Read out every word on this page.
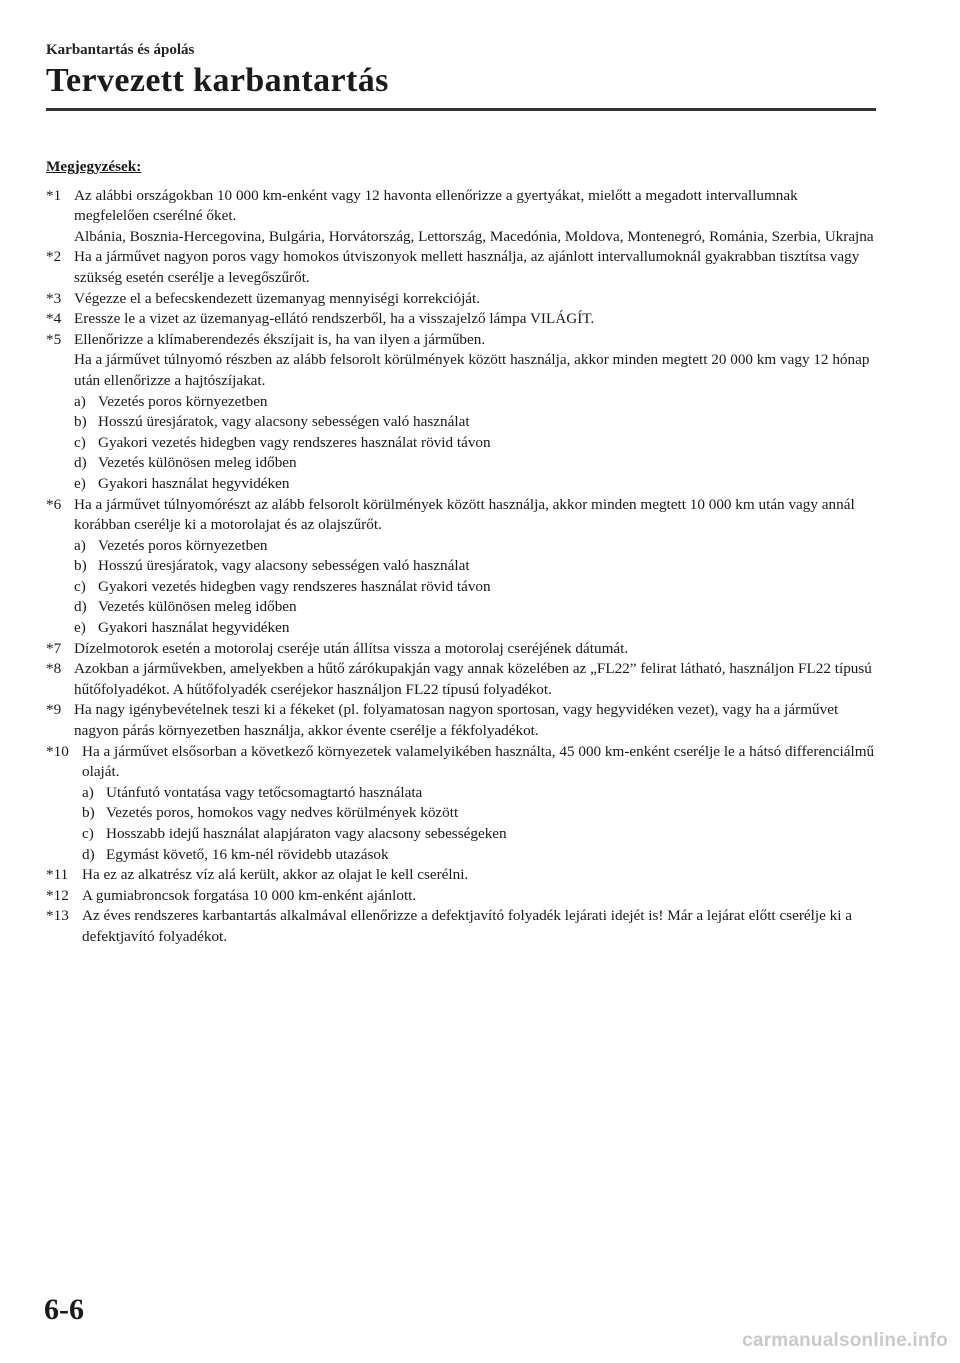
Karbantartás és ápolás
Tervezett karbantartás
Megjegyzések:
*1 Az alábbi országokban 10 000 km-enként vagy 12 havonta ellenőrizze a gyertyákat, mielőtt a megadott intervallumnak megfelelően cserélné őket.

Albánia, Bosznia-Hercegovina, Bulgária, Horvátország, Lettország, Macedónia, Moldova, Montenegró, Románia, Szerbia, Ukrajna

*2 Ha a járművet nagyon poros vagy homokos útviszonyok mellett használja, az ajánlott intervallumoknál gyakrabban tisztítsa vagy szükség esetén cserélje a levegőszűrőt.

*3 Végezze el a befecskendezett üzemanyag mennyiségi korrekcióját.

*4 Eressze le a vizet az üzemanyag-ellátó rendszerből, ha a visszajelző lámpa VILÁGÍT.

*5 Ellenőrizze a klímaberendezés ékszíjait is, ha van ilyen a járműben.

Ha a járművet túlnyomó részben az alább felsorolt körülmények között használja, akkor minden megtett 20 000 km vagy 12 hónap után ellenőrizze a hajtószíjakat.

a) Vezetés poros környezetben
b) Hosszú üresjáratok, vagy alacsony sebességen való használat
c) Gyakori vezetés hidegben vagy rendszeres használat rövid távon
d) Vezetés különösen meleg időben
e) Gyakori használat hegyvidéken
*6 Ha a járművet túlnyomórészt az alább felsorolt körülmények között használja, akkor minden megtett 10 000 km után vagy annál korábban cserélje ki a motorolajat és az olajszűrőt.

a) Vezetés poros környezetben
b) Hosszú üresjáratok, vagy alacsony sebességen való használat
c) Gyakori vezetés hidegben vagy rendszeres használat rövid távon
d) Vezetés különösen meleg időben
e) Gyakori használat hegyvidéken
*7 Dízelmotorok esetén a motorolaj cseréje után állítsa vissza a motorolaj cseréjének dátumát.

*8 Azokban a járművekben, amelyekben a hűtő zárókupakján vagy annak közelében az „FL22” felirat látható, használjon FL22 típusú hűtőfolyadékot. A hűtőfolyadék cseréjekor használjon FL22 típusú folyadékot.

*9 Ha nagy igénybevételnek teszi ki a fékeket (pl. folyamatosan nagyon sportosan, vagy hegyvidéken vezet), vagy ha a járművet nagyon párás környezetben használja, akkor évente cserélje a fékfolyadékot.

*10 Ha a járművet elsősorban a következő környezetek valamelyikében használta, 45 000 km-enként cserélje le a hátsó differenciálmű olaját.

a) Utánfutó vontatása vagy tetőcsomagtartó használata
b) Vezetés poros, homokos vagy nedves körülmények között
c) Hosszabb idejű használat alapjáraton vagy alacsony sebességeken
d) Egymást követő, 16 km-nél rövidebb utazások
*11 Ha ez az alkatrész víz alá került, akkor az olajat le kell cserélni.

*12 A gumiabroncsok forgatása 10 000 km-enként ajánlott.

*13 Az éves rendszeres karbantartás alkalmával ellenőrizze a defektjavító folyadék lejárati idejét is! Már a lejárat előtt cserélje ki a defektjavító folyadékot.

6-6
carmanualsonline.info
